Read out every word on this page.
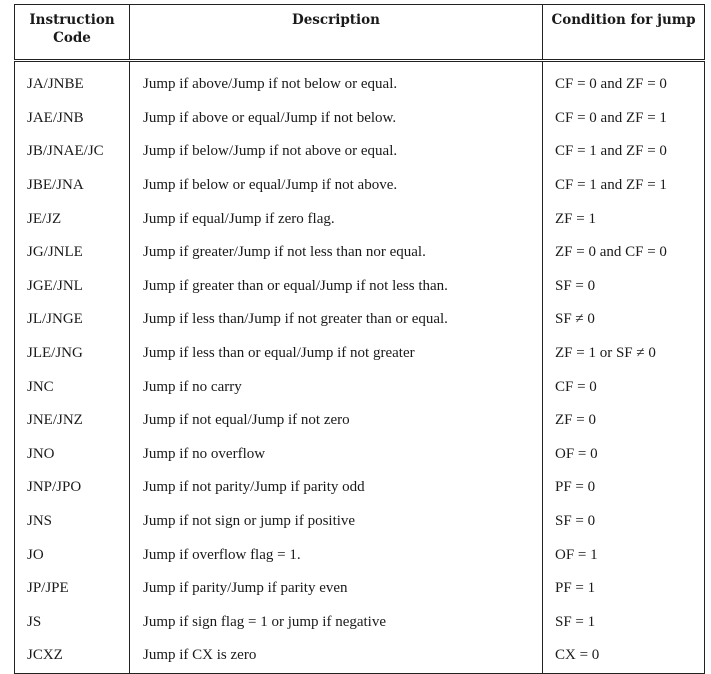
Instruction Code	Description	Condition for jump
JA/JNBE	Jump if above/Jump if not below or equal.	CF = 0 and ZF = 0
JAE/JNB	Jump if above or equal/Jump if not below.	CF = 0 and ZF = 1
JB/JNAE/JC	Jump if below/Jump if not above or equal.	CF = 1 and ZF = 0
JBE/JNA	Jump if below or equal/Jump if not above.	CF = 1 and ZF = 1
JE/JZ	Jump if equal/Jump if zero flag.	ZF = 1
JG/JNLE	Jump if greater/Jump if not less than nor equal.	ZF = 0 and CF = 0
JGE/JNL	Jump if greater than or equal/Jump if not less than.	SF = 0
JL/JNGE	Jump if less than/Jump if not greater than or equal.	SF ≠ 0
JLE/JNG	Jump if less than or equal/Jump if not greater	ZF = 1 or SF ≠ 0
JNC	Jump if no carry	CF = 0
JNE/JNZ	Jump if not equal/Jump if not zero	ZF = 0
JNO	Jump if no overflow	OF = 0
JNP/JPO	Jump if not parity/Jump if parity odd	PF = 0
JNS	Jump if not sign or jump if positive	SF = 0
JO	Jump if overflow flag = 1.	OF = 1
JP/JPE	Jump if parity/Jump if parity even	PF = 1
JS	Jump if sign flag = 1 or jump if negative	SF = 1
JCXZ	Jump if CX is zero	CX = 0
